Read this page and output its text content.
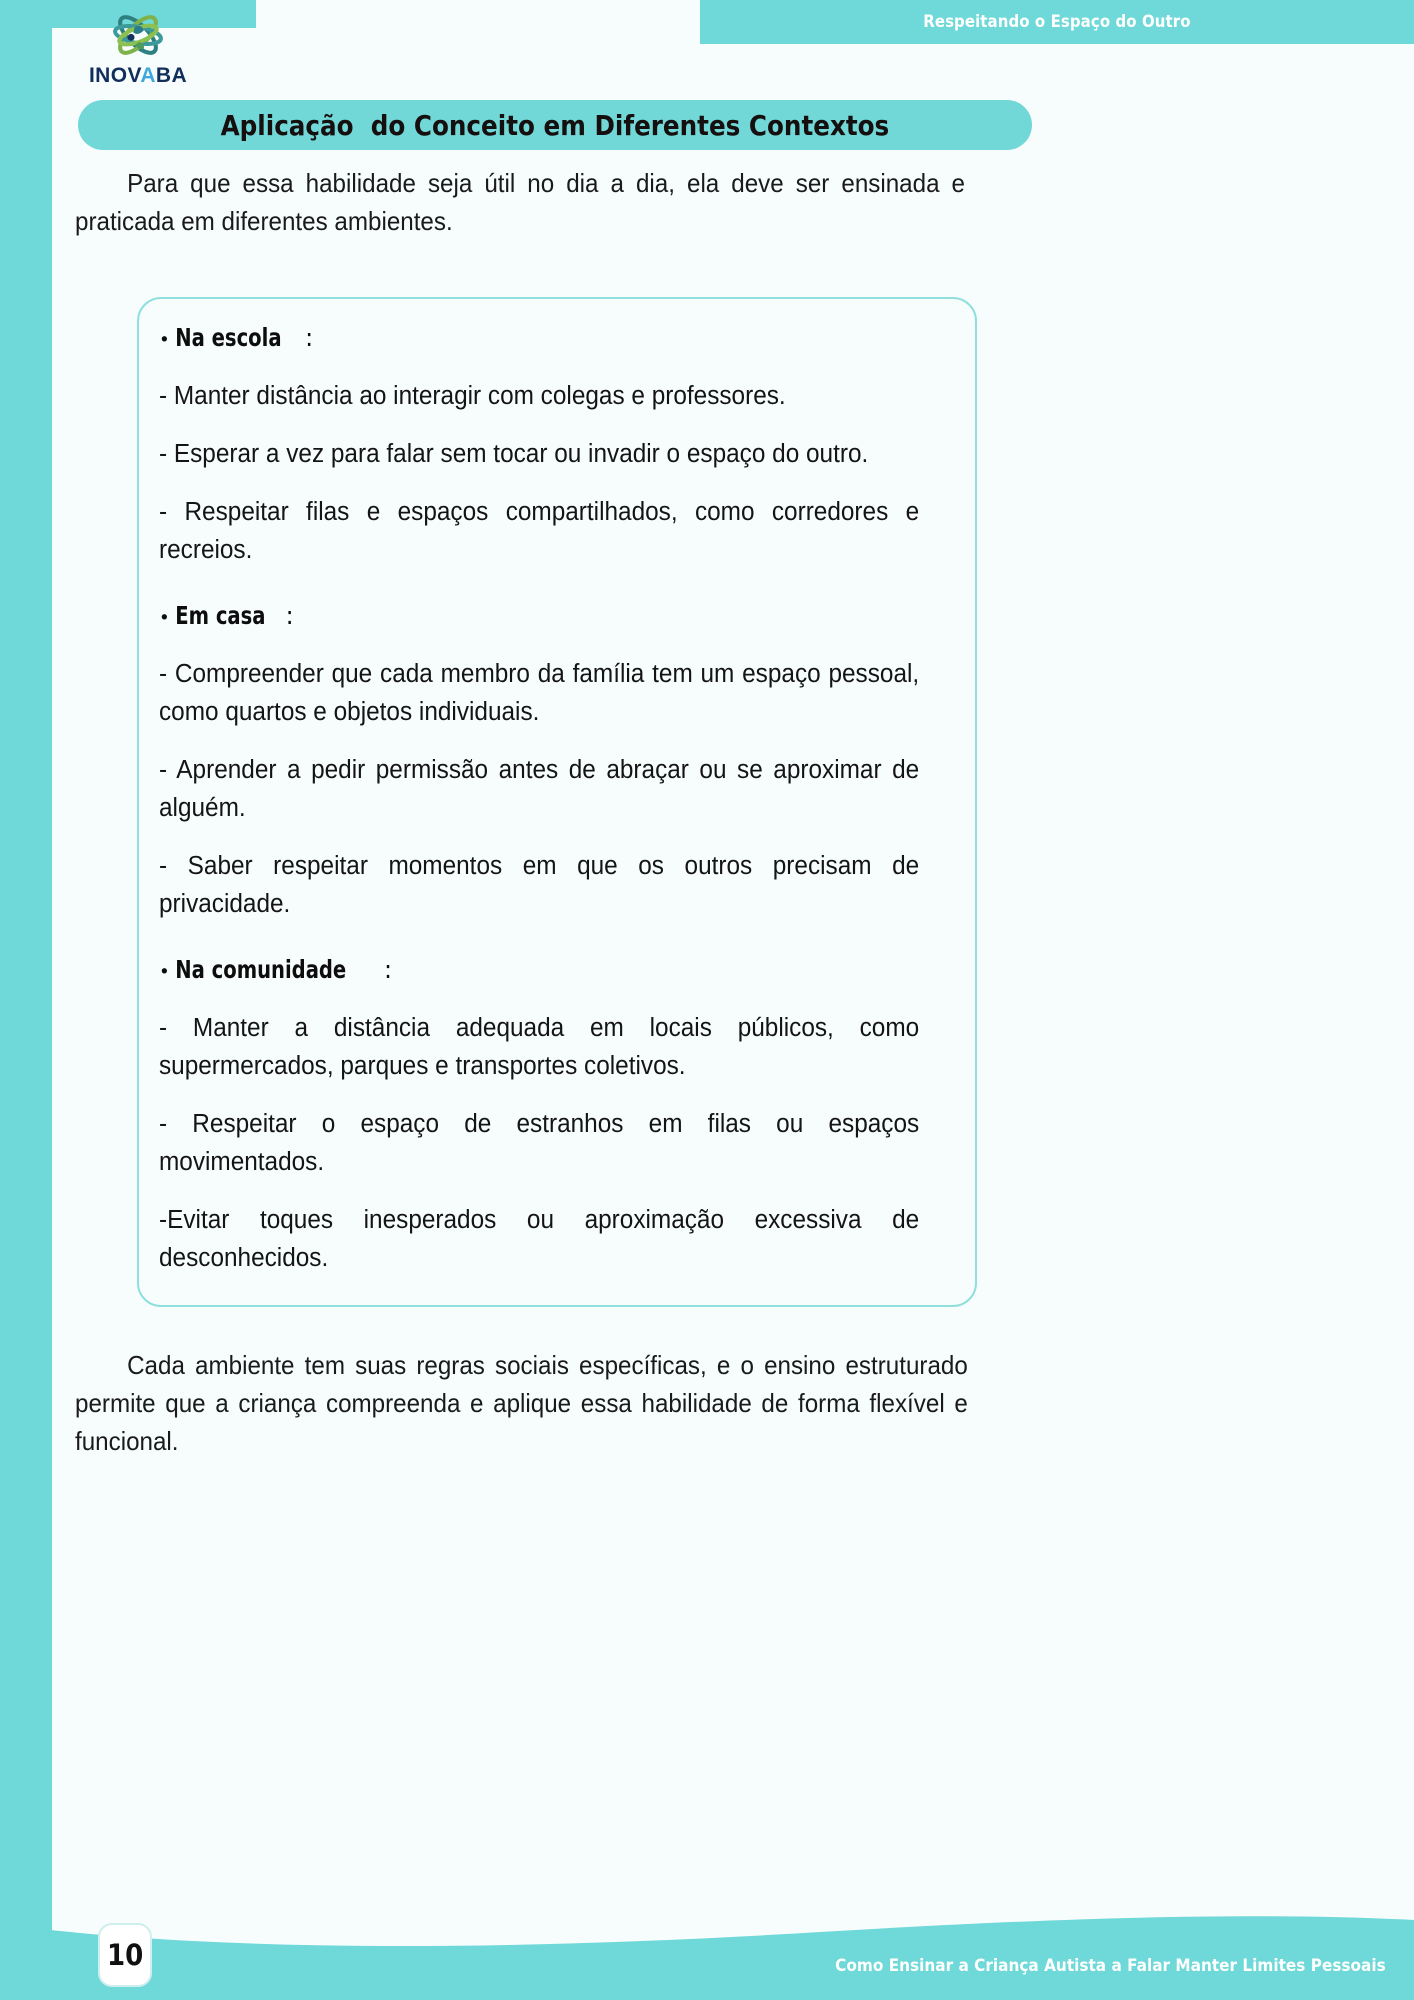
Respeitando o Espaço do Outro
INOVABA
Aplicação  do Conceito em Diferentes Contextos

Para que essa habilidade seja útil no dia a dia, ela deve ser ensinada e praticada em diferentes ambientes.

• Na escola :

- Manter distância ao interagir com colegas e professores.

- Esperar a vez para falar sem tocar ou invadir o espaço do outro.

- Respeitar filas e espaços compartilhados, como corredores e recreios.

• Em casa :

- Compreender que cada membro da família tem um espaço pessoal, como quartos e objetos individuais.

- Aprender a pedir permissão antes de abraçar ou se aproximar de alguém.

- Saber respeitar momentos em que os outros precisam de privacidade.

• Na comunidade :

- Manter a distância adequada em locais públicos, como supermercados, parques e transportes coletivos.

- Respeitar o espaço de estranhos em filas ou espaços movimentados.

-Evitar toques inesperados ou aproximação excessiva de desconhecidos.

Cada ambiente tem suas regras sociais específicas, e o ensino estruturado permite que a criança compreenda e aplique essa habilidade de forma flexível e funcional.

10	Como Ensinar a Criança Autista a Falar Manter Limites Pessoais
